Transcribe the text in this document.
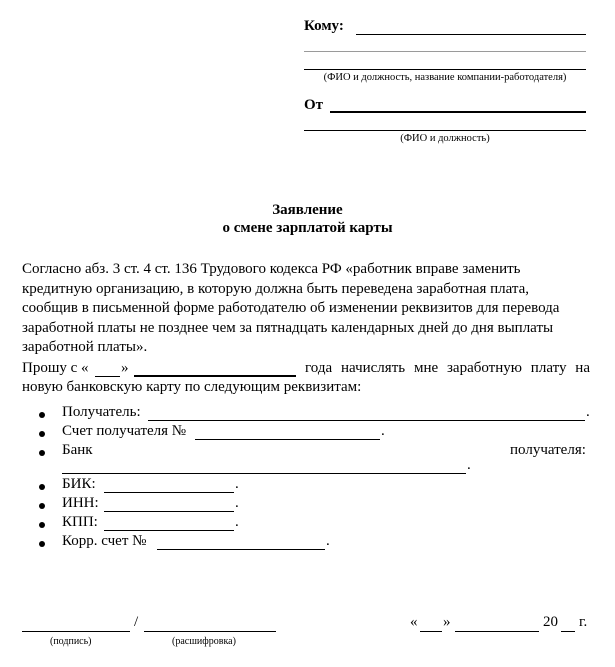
Кому:
(ФИО и должность, название компании-работодателя)
От
(ФИО и должность)
Заявление
о смене зарплатой карты

Согласно абз. 3 ст. 4 ст. 136 Трудового кодекса РФ «работник вправе заменить

кредитную организацию, в которую должна быть переведена заработная плата,

сообщив в письменной форме работодателю об изменении реквизитов для перевода

заработной платы не позднее чем за пятнадцать календарных дней до дня выплаты

заработной платы».

Прошу с « »	года начислять мне заработную плату на
новую банковскую карту по следующим реквизитам:
Получатель:	.
Счет получателя №	.
Банк	получателя:
.
БИК:	.
ИНН:	.
КПП:	.
Корр. счет №	.
/
(подпись)	(расшифровка)
« »	20 г.
